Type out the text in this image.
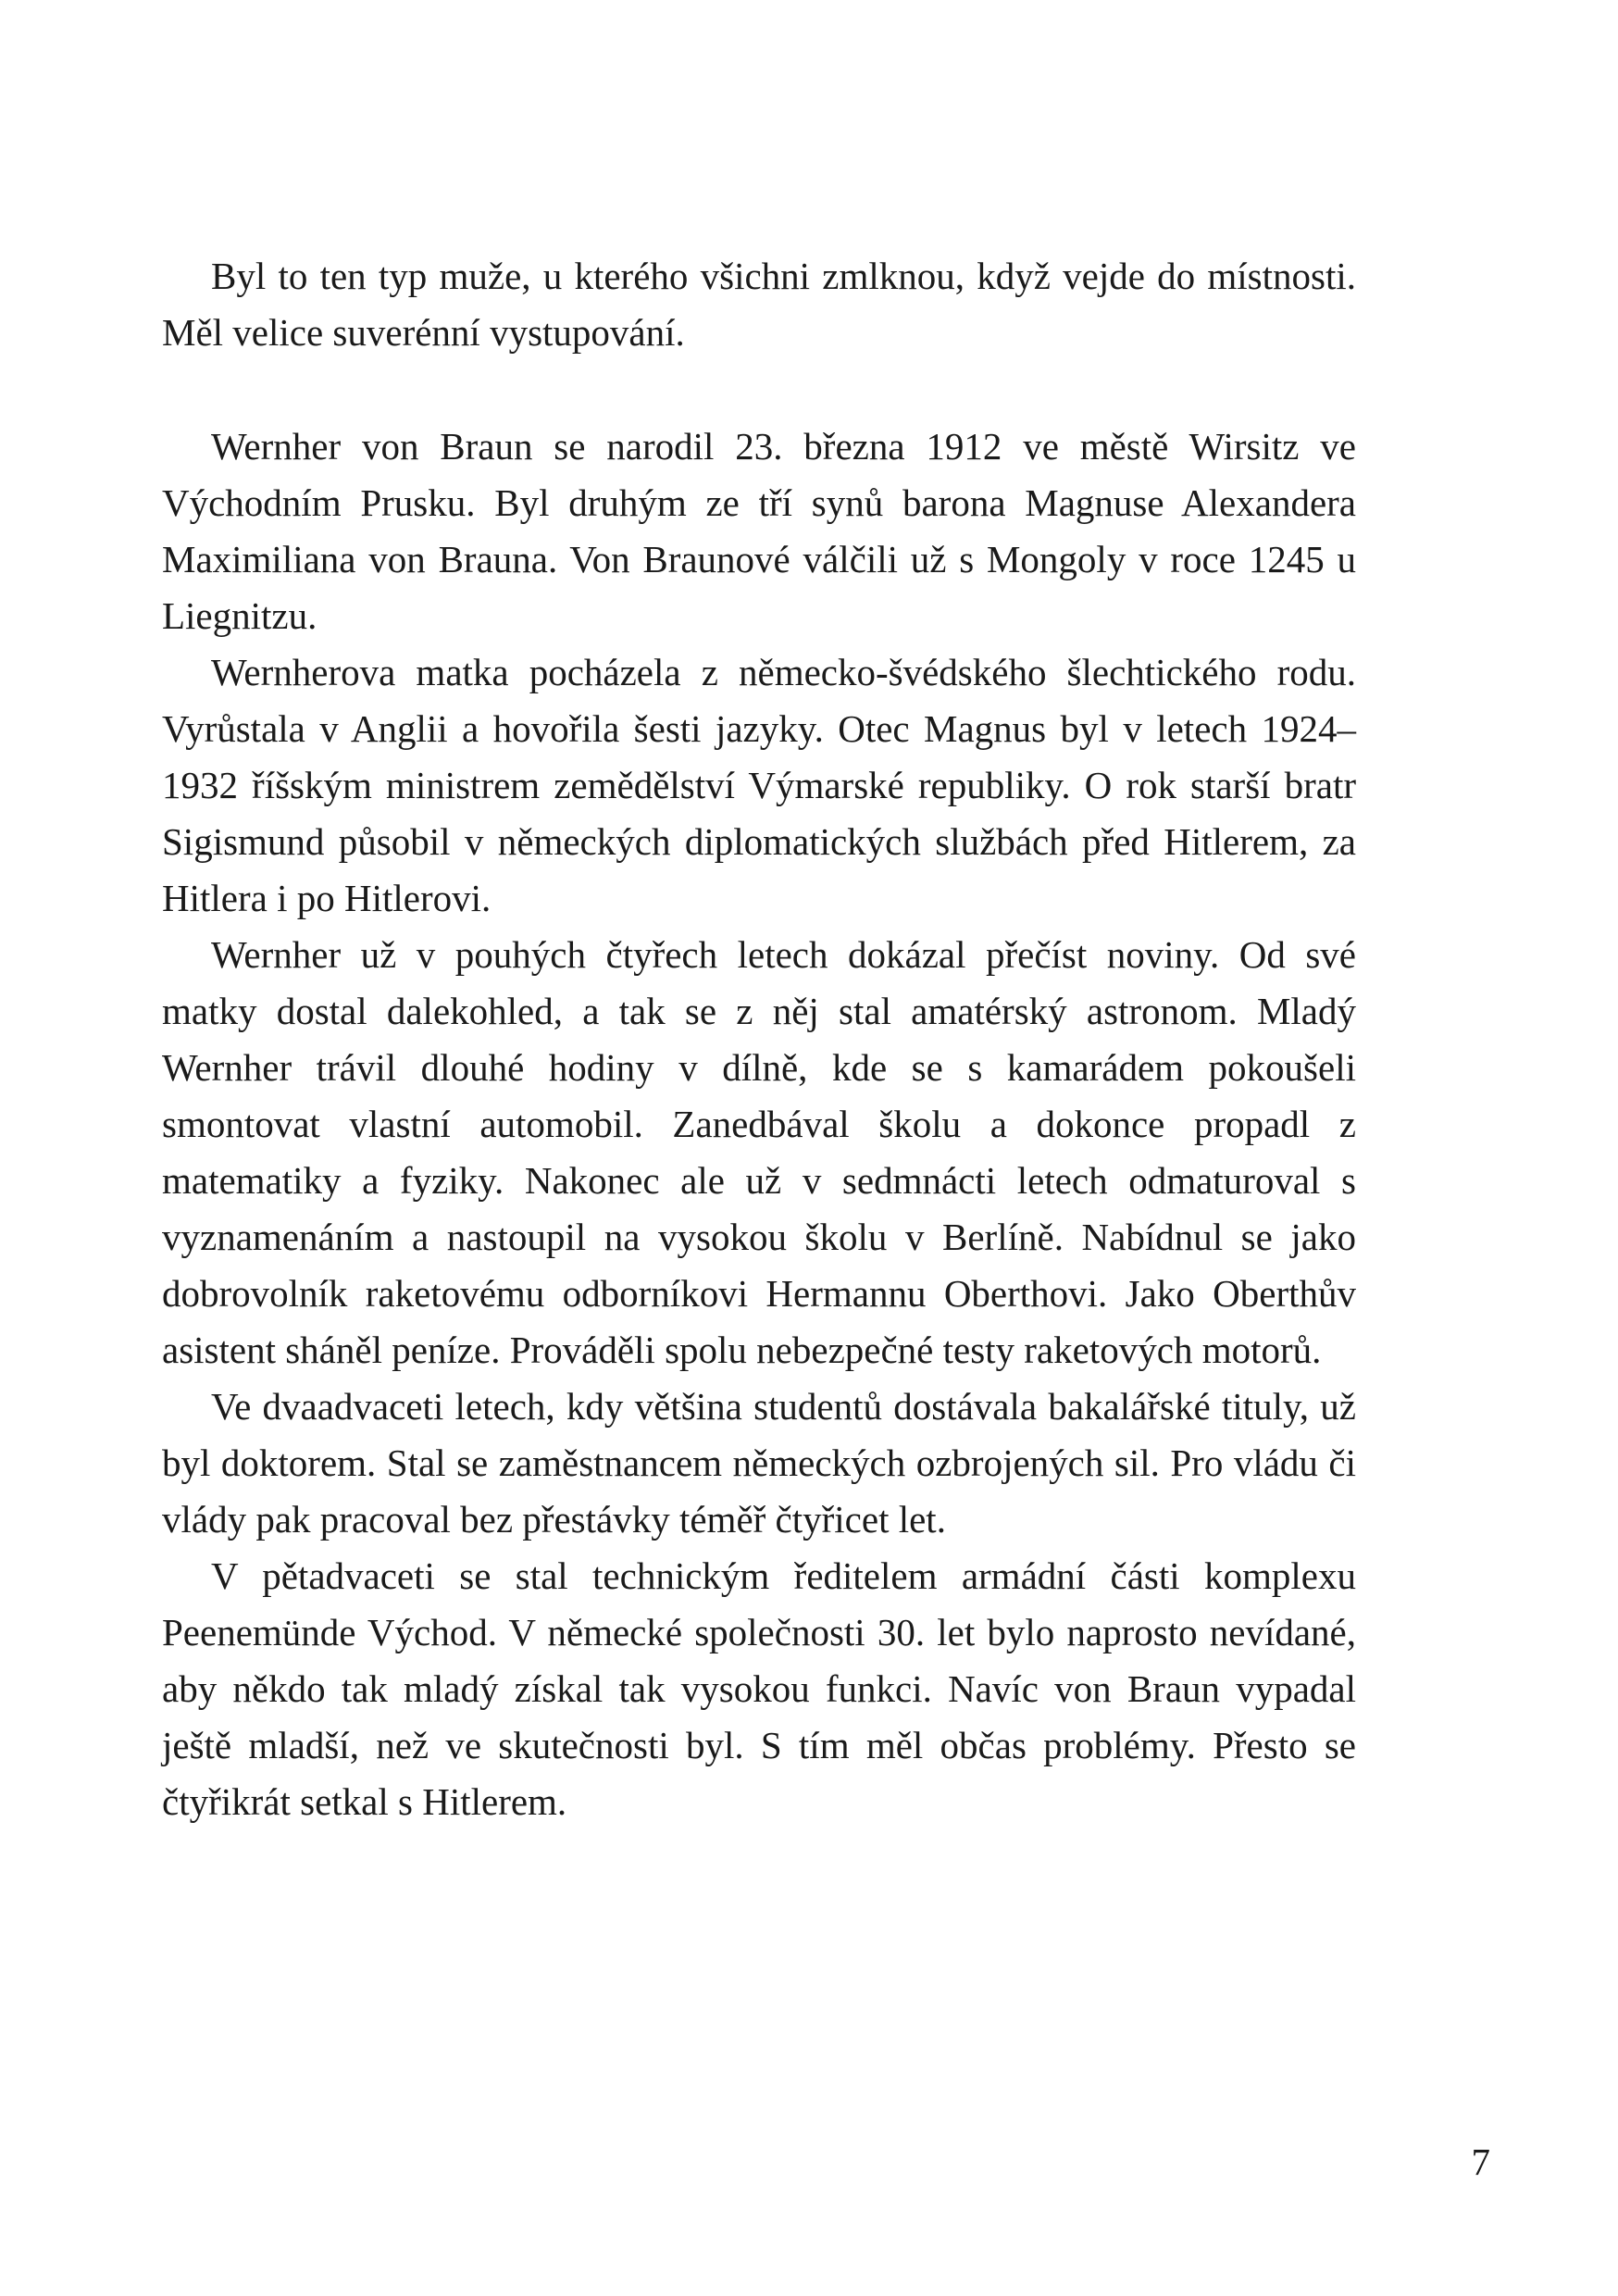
Byl to ten typ muže, u kterého všichni zmlknou, když vejde do místnosti. Měl velice suverénní vystupování.

Wernher von Braun se narodil 23. března 1912 ve městě Wirsitz ve Východním Prusku. Byl druhým ze tří synů barona Magnuse Alexandera Maximiliana von Brauna. Von Braunové válčili už s Mongoly v roce 1245 u Liegnitzu.

Wernherova matka pocházela z německo-švédského šlechtického rodu. Vyrůstala v Anglii a hovořila šesti jazyky. Otec Magnus byl v letech 1924–1932 říšským ministrem zemědělství Výmarské republiky. O rok starší bratr Sigismund působil v německých diplomatických službách před Hitlerem, za Hitlera i po Hitlerovi.

Wernher už v pouhých čtyřech letech dokázal přečíst noviny. Od své matky dostal dalekohled, a tak se z něj stal amatérský astronom. Mladý Wernher trávil dlouhé hodiny v dílně, kde se s kamarádem pokoušeli smontovat vlastní automobil. Zanedbával školu a dokonce propadl z matematiky a fyziky. Nakonec ale už v sedmnácti letech odmaturoval s vyznamenáním a nastoupil na vysokou školu v Berlíně. Nabídnul se jako dobrovolník raketovému odborníkovi Hermannu Oberthovi. Jako Oberthův asistent sháněl peníze. Prováděli spolu nebezpečné testy raketových motorů.

Ve dvaadvaceti letech, kdy většina studentů dostávala bakalářské tituly, už byl doktorem. Stal se zaměstnancem německých ozbrojených sil. Pro vládu či vlády pak pracoval bez přestávky téměř čtyřicet let.

V pětadvaceti se stal technickým ředitelem armádní části komplexu Peenemünde Východ. V německé společnosti 30. let bylo naprosto nevídané, aby někdo tak mladý získal tak vysokou funkci. Navíc von Braun vypadal ještě mladší, než ve skutečnosti byl. S tím měl občas problémy. Přesto se čtyřikrát setkal s Hitlerem.

7
